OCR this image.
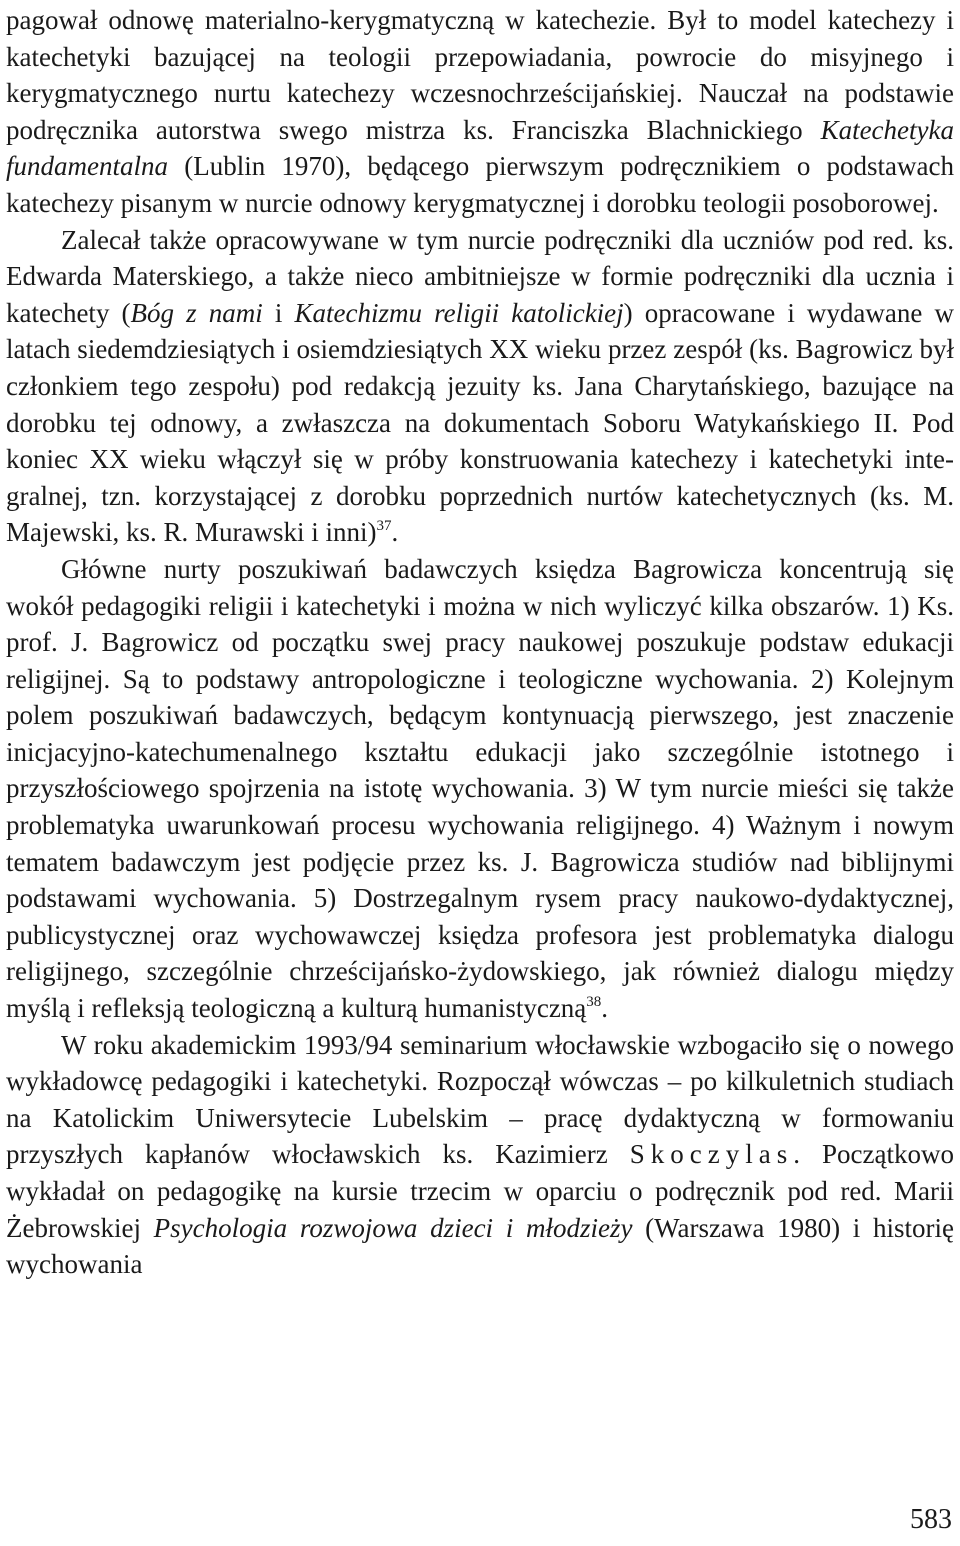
pagował odnowę materialno-kerygmatyczną w katechezie. Był to model katechezy i katechetyki bazującej na teologii przepowiadania, powrocie do misyjnego i kerygmatycznego nurtu katechezy wczesnochrześcijańskiej. Nauczał na podstawie podręcznika autorstwa swego mistrza ks. Franciszka Blachnickiego Katechetyka fundamentalna (Lublin 1970), będącego pierwszym podręcznikiem o podstawach katechezy pisanym w nurcie odnowy kerygmatycznej i dorobku teologii posoborowej.

Zalecał także opracowywane w tym nurcie podręczniki dla uczniów pod red. ks. Edwarda Materskiego, a także nieco ambitniejsze w formie podręczniki dla ucznia i katechety (Bóg z nami i Katechizmu religii katolickiej) opracowane i wydawane w latach siedemdziesiątych i osiemdziesiątych XX wieku przez zespół (ks. Bagrowicz był członkiem tego zespołu) pod redakcją jezuity ks. Jana Charytańskiego, bazujące na dorobku tej odnowy, a zwłaszcza na dokumentach Soboru Watykańskiego II. Pod koniec XX wieku włączył się w próby konstruowania katechezy i katechetyki integralnej, tzn. korzystającej z dorobku poprzednich nurtów katechetycznych (ks. M. Majewski, ks. R. Murawski i inni)$^{37}$.

Główne nurty poszukiwań badawczych księdza Bagrowicza koncentrują się wokół pedagogiki religii i katechetyki i można w nich wyliczyć kilka obszarów. 1) Ks. prof. J. Bagrowicz od początku swej pracy naukowej poszukuje podstaw edukacji religijnej. Są to podstawy antropologiczne i teologiczne wychowania. 2) Kolejnym polem poszukiwań badawczych, będącym kontynuacją pierwszego, jest znaczenie inicjacyjno-katechumenalnego kształtu edukacji jako szczególnie istotnego i przyszłościowego spojrzenia na istotę wychowania. 3) W tym nurcie mieści się także problematyka uwarunkowań procesu wychowania religijnego. 4) Ważnym i nowym tematem badawczym jest podjęcie przez ks. J. Bagrowicza studiów nad biblijnymi podstawami wychowania. 5) Dostrzegalnym rysem pracy naukowo-dydaktycznej, publicystycznej oraz wychowawczej księdza profesora jest problematyka dialogu religijnego, szczególnie chrześcijańsko-żydowskiego, jak również dialogu między myślą i refleksją teologiczną a kulturą humanistyczną$^{38}$.

W roku akademickim 1993/94 seminarium włocławskie wzbogaciło się o nowego wykładowcę pedagogiki i katechetyki. Rozpoczął wówczas – po kilkuletnich studiach na Katolickim Uniwersytecie Lubelskim – pracę dydaktyczną w formowaniu przyszłych kapłanów włocławskich ks. Kazimierz Skoczylas. Początkowo wykładał on pedagogikę na kursie trzecim w oparciu o podręcznik pod red. Marii Żebrowskiej Psychologia rozwojowa dzieci i młodzieży (Warszawa 1980) i historię wychowania

583
